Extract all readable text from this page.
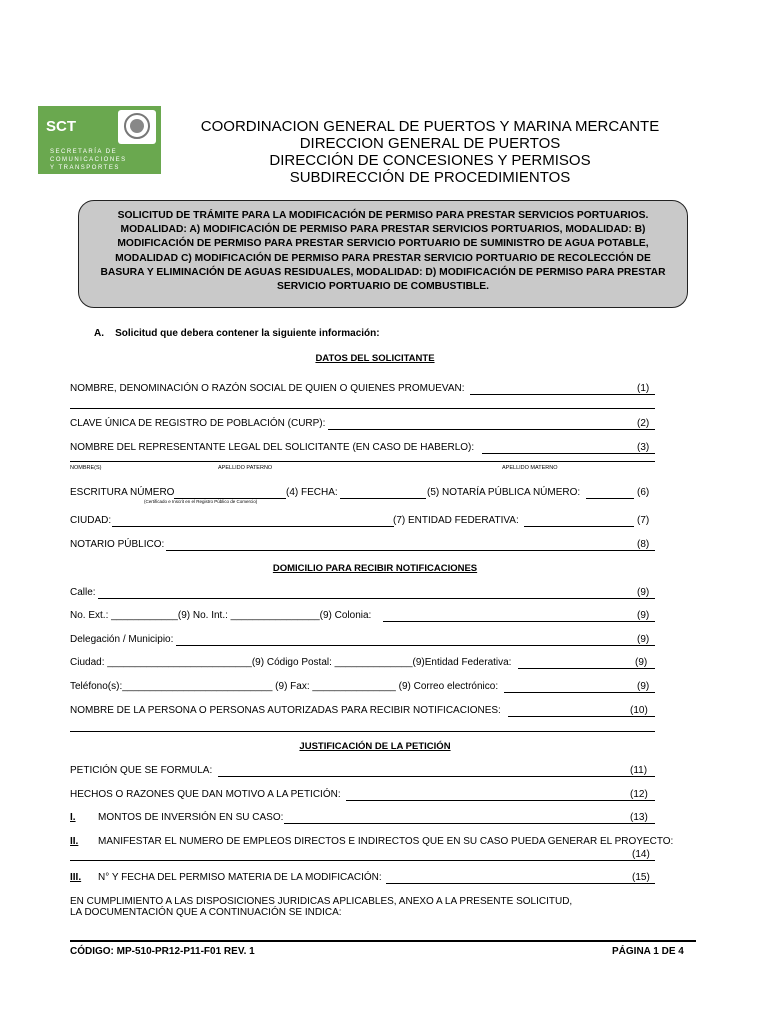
SCT
SECRETARÍA DE
COMUNICACIONES
Y TRANSPORTES
COORDINACION GENERAL DE PUERTOS Y MARINA MERCANTE
DIRECCION GENERAL DE PUERTOS
DIRECCIÓN DE CONCESIONES Y PERMISOS
SUBDIRECCIÓN DE PROCEDIMIENTOS
SOLICITUD DE TRÁMITE PARA LA MODIFICACIÓN DE PERMISO PARA PRESTAR SERVICIOS PORTUARIOS. MODALIDAD: A) MODIFICACIÓN DE PERMISO PARA PRESTAR SERVICIOS PORTUARIOS, MODALIDAD: B) MODIFICACIÓN DE PERMISO PARA PRESTAR SERVICIO PORTUARIO DE SUMINISTRO DE AGUA POTABLE, MODALIDAD C) MODIFICACIÓN DE PERMISO PARA PRESTAR SERVICIO PORTUARIO DE RECOLECCIÓN DE BASURA Y ELIMINACIÓN DE AGUAS RESIDUALES, MODALIDAD: D) MODIFICACIÓN DE PERMISO PARA PRESTAR SERVICIO PORTUARIO DE COMBUSTIBLE.
A.    Solicitud que debera contener la siguiente información:
DATOS DEL SOLICITANTE
NOMBRE, DENOMINACIÓN O RAZÓN SOCIAL DE QUIEN O QUIENES PROMUEVAN:	(1)
CLAVE ÚNICA DE REGISTRO DE POBLACIÓN (CURP):	(2)
NOMBRE DEL REPRESENTANTE LEGAL DEL SOLICITANTE (EN CASO DE HABERLO):	(3)
NOMBRE(S)	APELLIDO PATERNO	APELLIDO MATERNO
ESCRITURA NÚMERO	(4) FECHA:	(5) NOTARÍA PÚBLICA NÚMERO:	(6)
(Certificado e Inscrit en el Registro Público de Comercio)
CIUDAD:	(7) ENTIDAD FEDERATIVA:	(7)
NOTARIO PÚBLICO:	(8)
DOMICILIO PARA RECIBIR NOTIFICACIONES
Calle:	(9)
No. Ext.: ____________(9) No. Int.: ________________(9) Colonia:	(9)
Delegación / Municipio:	(9)
Ciudad: __________________________(9) Código Postal: ______________(9)Entidad Federativa:	(9)
Teléfono(s):___________________________ (9) Fax: _______________ (9) Correo electrónico:	(9)
NOMBRE DE LA PERSONA O PERSONAS AUTORIZADAS PARA RECIBIR NOTIFICACIONES:	(10)
JUSTIFICACIÓN DE LA PETICIÓN
PETICIÓN QUE SE FORMULA:	(11)
HECHOS O RAZONES QUE DAN MOTIVO A LA PETICIÓN:	(12)
I. MONTOS DE INVERSIÓN EN SU CASO:	(13)
II. MANIFESTAR EL NUMERO DE EMPLEOS DIRECTOS E INDIRECTOS QUE EN SU CASO PUEDA GENERAR EL PROYECTO:
(14)
III. N° Y FECHA DEL PERMISO MATERIA DE LA MODIFICACIÓN:	(15)
EN CUMPLIMIENTO A LAS DISPOSICIONES JURIDICAS APLICABLES, ANEXO A LA PRESENTE SOLICITUD,
LA DOCUMENTACIÓN QUE A CONTINUACIÓN SE INDICA:
CÓDIGO: MP-510-PR12-P11-F01 REV. 1	PÁGINA 1 DE 4
